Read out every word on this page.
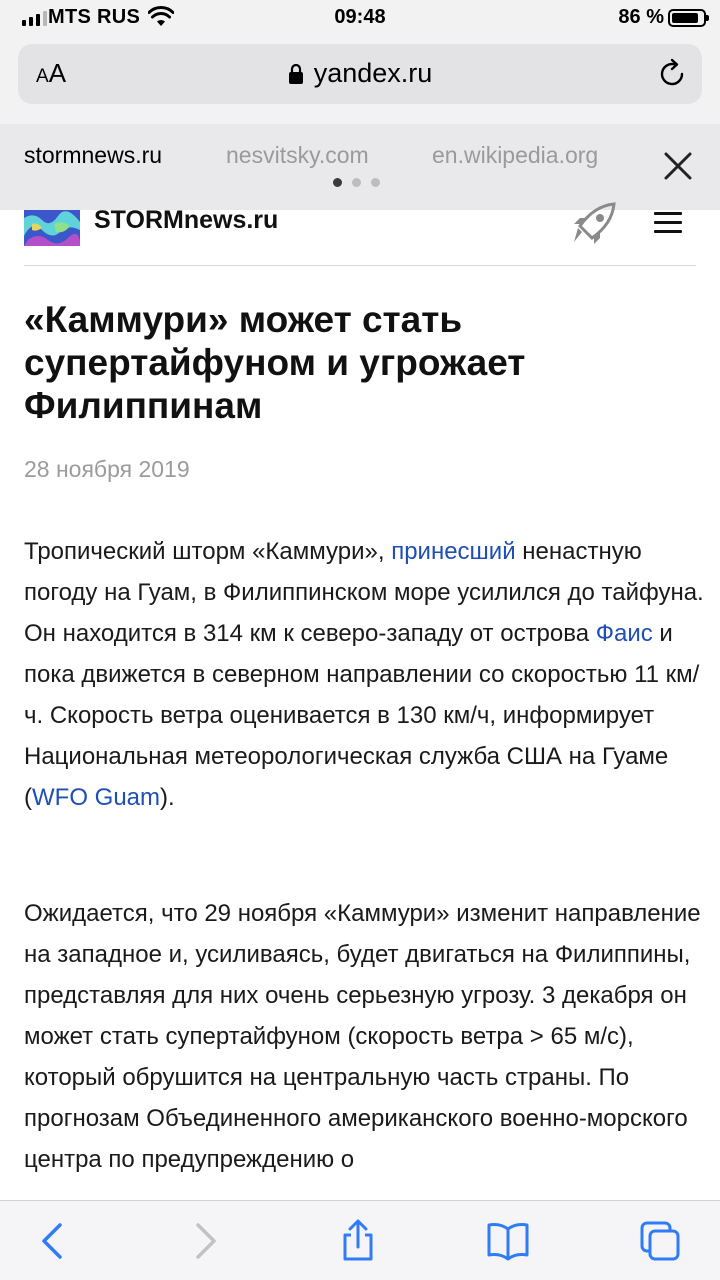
MTS RUS	09:48	86 %
AA	yandex.ru
stormnews.ru	nesvitsky.com	en.wikipedia.org
STORMnews.ru
«Каммури» может стать супертайфуном и угрожает Филиппинам
28 ноября 2019

Тропический шторм «Каммури», принесший ненастную погоду на Гуам, в Филиппинском море усилился до тайфуна. Он находится в 314 км к северо-западу от острова Фаис и пока движется в северном направлении со скоростью 11 км/ч. Скорость ветра оценивается в 130 км/ч, информирует Национальная метеорологическая служба США на Гуаме (WFO Guam).

Ожидается, что 29 ноября «Каммури» изменит направление на западное и, усиливаясь, будет двигаться на Филиппины, представляя для них очень серьезную угрозу. 3 декабря он может стать супертайфуном (скорость ветра > 65 м/с), который обрушится на центральную часть страны. По прогнозам Объединенного американского военно-морского центра по предупреждению о
